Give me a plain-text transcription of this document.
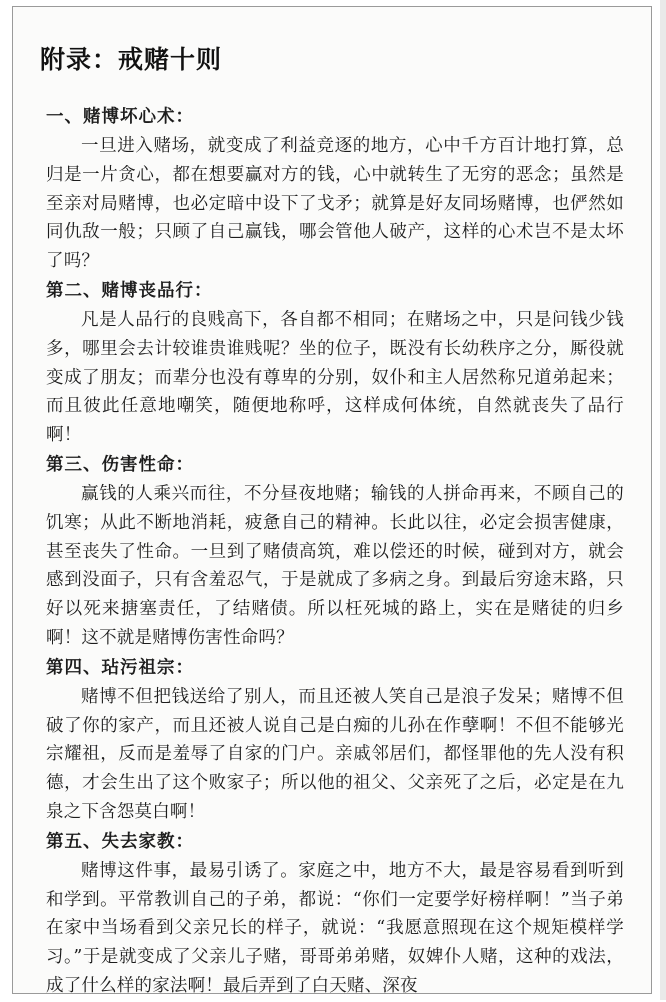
附录：戒赌十则
一、赌博坏心术：

一旦进入赌场，就变成了利益竞逐的地方，心中千方百计地打算，总归是一片贪心，都在想要赢对方的钱，心中就转生了无穷的恶念；虽然是至亲对局赌博，也必定暗中设下了戈矛；就算是好友同场赌博，也俨然如同仇敌一般；只顾了自己赢钱，哪会管他人破产，这样的心术岂不是太坏了吗？

第二、赌博丧品行：

凡是人品行的良贱高下，各自都不相同；在赌场之中，只是问钱少钱多，哪里会去计较谁贵谁贱呢？坐的位子，既没有长幼秩序之分，厮役就变成了朋友；而辈分也没有尊卑的分别，奴仆和主人居然称兄道弟起来；而且彼此任意地嘲笑，随便地称呼，这样成何体统，自然就丧失了品行啊！

第三、伤害性命：

赢钱的人乘兴而往，不分昼夜地赌；输钱的人拼命再来，不顾自己的饥寒；从此不断地消耗，疲惫自己的精神。长此以往，必定会损害健康，甚至丧失了性命。一旦到了赌债高筑，难以偿还的时候，碰到对方，就会感到没面子，只有含羞忍气，于是就成了多病之身。到最后穷途末路，只好以死来搪塞责任，了结赌债。所以枉死城的路上，实在是赌徒的归乡啊！这不就是赌博伤害性命吗？

第四、玷污祖宗：

赌博不但把钱送给了别人，而且还被人笑自己是浪子发呆；赌博不但破了你的家产，而且还被人说自己是白痴的儿孙在作孽啊！不但不能够光宗耀祖，反而是羞辱了自家的门户。亲戚邻居们，都怪罪他的先人没有积德，才会生出了这个败家子；所以他的祖父、父亲死了之后，必定是在九泉之下含怨莫白啊！

第五、失去家教：

赌博这件事，最易引诱了。家庭之中，地方不大，最是容易看到听到和学到。平常教训自己的子弟，都说：“你们一定要学好榜样啊！”当子弟在家中当场看到父亲兄长的样子，就说：“我愿意照现在这个规矩模样学习。”于是就变成了父亲儿子赌，哥哥弟弟赌，奴婢仆人赌，这种的戏法，成了什么样的家法啊！最后弄到了白天赌、深夜
